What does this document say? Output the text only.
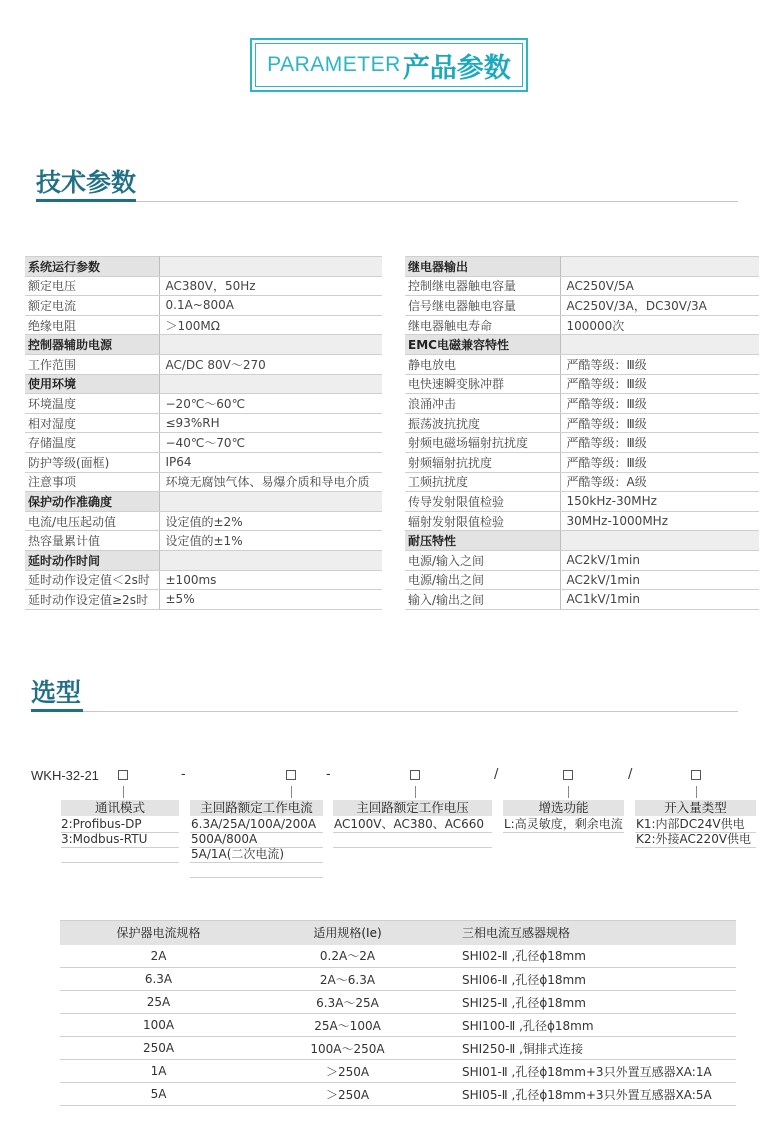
PARAMETER 产品参数
技术参数
系统运行参数	
额定电压	AC380V，50Hz
额定电流	0.1A~800A
绝缘电阻	＞100MΩ
控制器辅助电源	
工作范围	AC/DC 80V～270
使用环境	
环境温度	−20℃～60℃
相对湿度	≤93%RH
存储温度	−40℃～70℃
防护等级(面框)	IP64
注意事项	环境无腐蚀气体、易爆介质和导电介质
保护动作准确度	
电流/电压起动值	设定值的±2%
热容量累计值	设定值的±1%
延时动作时间	
延时动作设定值＜2s时	±100ms
延时动作设定值≥2s时	±5%
继电器输出	
控制继电器触电容量	AC250V/5A
信号继电器触电容量	AC250V/3A，DC30V/3A
继电器触电寿命	100000次
EMC电磁兼容特性	
静电放电	严酷等级：Ⅲ级
电快速瞬变脉冲群	严酷等级：Ⅲ级
浪涌冲击	严酷等级：Ⅲ级
振荡波抗扰度	严酷等级：Ⅲ级
射频电磁场辐射抗扰度	严酷等级：Ⅲ级
射频辐射抗扰度	严酷等级：Ⅲ级
工频抗扰度	严酷等级：A级
传导发射限值检验	150kHz-30MHz
辐射发射限值检验	30MHz-1000MHz
耐压特性	
电源/输入之间	AC2kV/1min
电源/输出之间	AC2kV/1min
输入/输出之间	AC1kV/1min
选型
WKH-32-21	-	-	/	/
通讯模式
2:Profibus-DP
3:Modbus-RTU
主回路额定工作电流
6.3A/25A/100A/200A
500A/800A
5A/1A(二次电流)
主回路额定工作电压
AC100V、AC380、AC660
增选功能
L:高灵敏度，剩余电流
开入量类型
K1:内部DC24V供电
K2:外接AC220V供电
保护器电流规格	适用规格(Ie)	三相电流互感器规格
2A	0.2A～2A	SHI02-Ⅱ ,孔径ϕ18mm
6.3A	2A～6.3A	SHI06-Ⅱ ,孔径ϕ18mm
25A	6.3A～25A	SHI25-Ⅱ ,孔径ϕ18mm
100A	25A～100A	SHI100-Ⅱ ,孔径ϕ18mm
250A	100A～250A	SHI250-Ⅱ ,铜排式连接
1A	＞250A	SHI01-Ⅱ ,孔径ϕ18mm+3只外置互感器XA:1A
5A	＞250A	SHI05-Ⅱ ,孔径ϕ18mm+3只外置互感器XA:5A
